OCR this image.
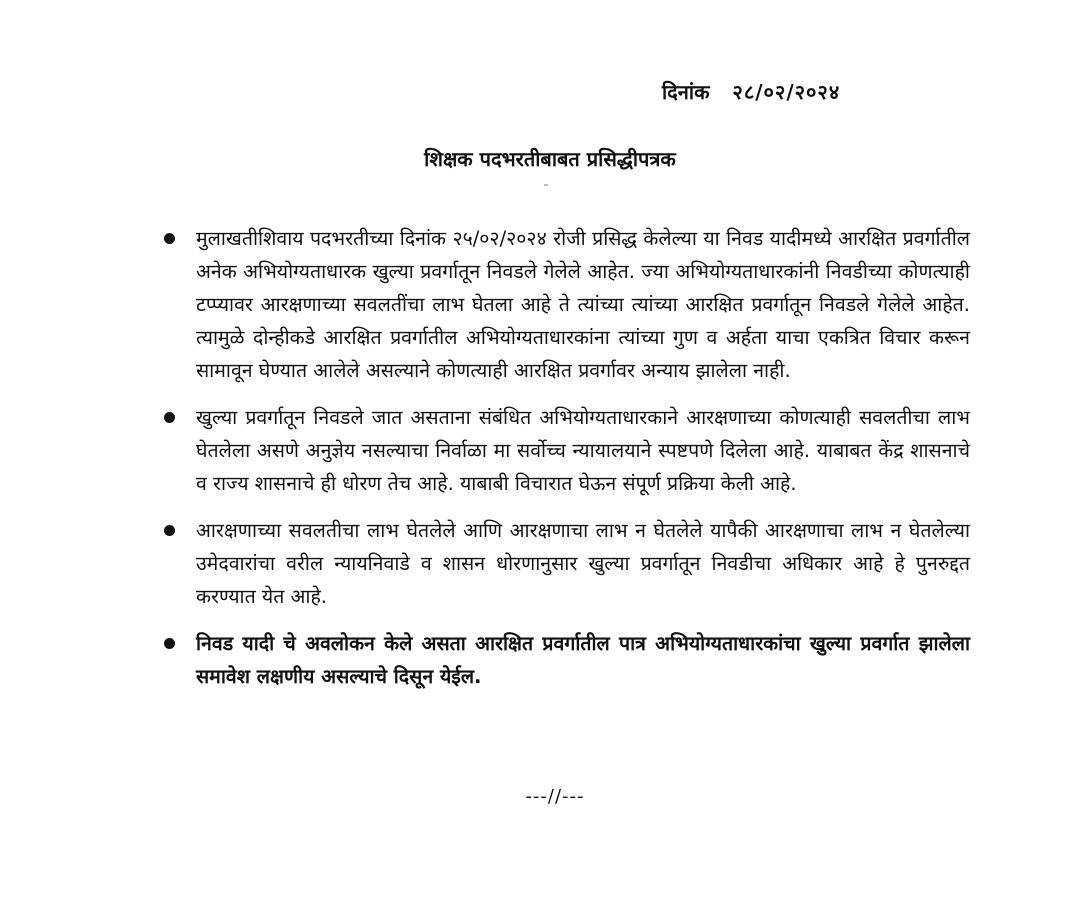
दिनांक २८/०२/२०२४
शिक्षक पदभरतीबाबत प्रसिद्धीपत्रक
मुलाखतीशिवाय पदभरतीच्या दिनांक २५/०२/२०२४ रोजी प्रसिद्ध केलेल्या या निवड यादीमध्ये आरक्षित प्रवर्गातील अनेक अभियोग्यताधारक खुल्या प्रवर्गातून निवडले गेलेले आहेत. ज्या अभियोग्यताधारकांनी निवडीच्या कोणत्याही टप्प्यावर आरक्षणाच्या सवलतींचा लाभ घेतला आहे ते त्यांच्या त्यांच्या आरक्षित प्रवर्गातून निवडले गेलेले आहेत. त्यामुळे दोन्हीकडे आरक्षित प्रवर्गातील अभियोग्यताधारकांना त्यांच्या गुण व अर्हता याचा एकत्रित विचार करून सामावून घेण्यात आलेले असल्याने कोणत्याही आरक्षित प्रवर्गावर अन्याय झालेला नाही.
खुल्या प्रवर्गातून निवडले जात असताना संबंधित अभियोग्यताधारकाने आरक्षणाच्या कोणत्याही सवलतीचा लाभ घेतलेला असणे अनुज्ञेय नसल्याचा निर्वाळा मा सर्वोच्च न्यायालयाने स्पष्टपणे दिलेला आहे. याबाबत केंद्र शासनाचे व राज्य शासनाचे ही धोरण तेच आहे. याबाबी विचारात घेऊन संपूर्ण प्रक्रिया केली आहे.
आरक्षणाच्या सवलतीचा लाभ घेतलेले आणि आरक्षणाचा लाभ न घेतलेले यापैकी आरक्षणाचा लाभ न घेतलेल्या उमेदवारांचा वरील न्यायनिवाडे व शासन धोरणानुसार खुल्या प्रवर्गातून निवडीचा अधिकार आहे हे पुनरुद्दत करण्यात येत आहे.
निवड यादी चे अवलोकन केले असता आरक्षित प्रवर्गातील पात्र अभियोग्यताधारकांचा खुल्या प्रवर्गात झालेला समावेश लक्षणीय असल्याचे दिसून येईल.
---//---
